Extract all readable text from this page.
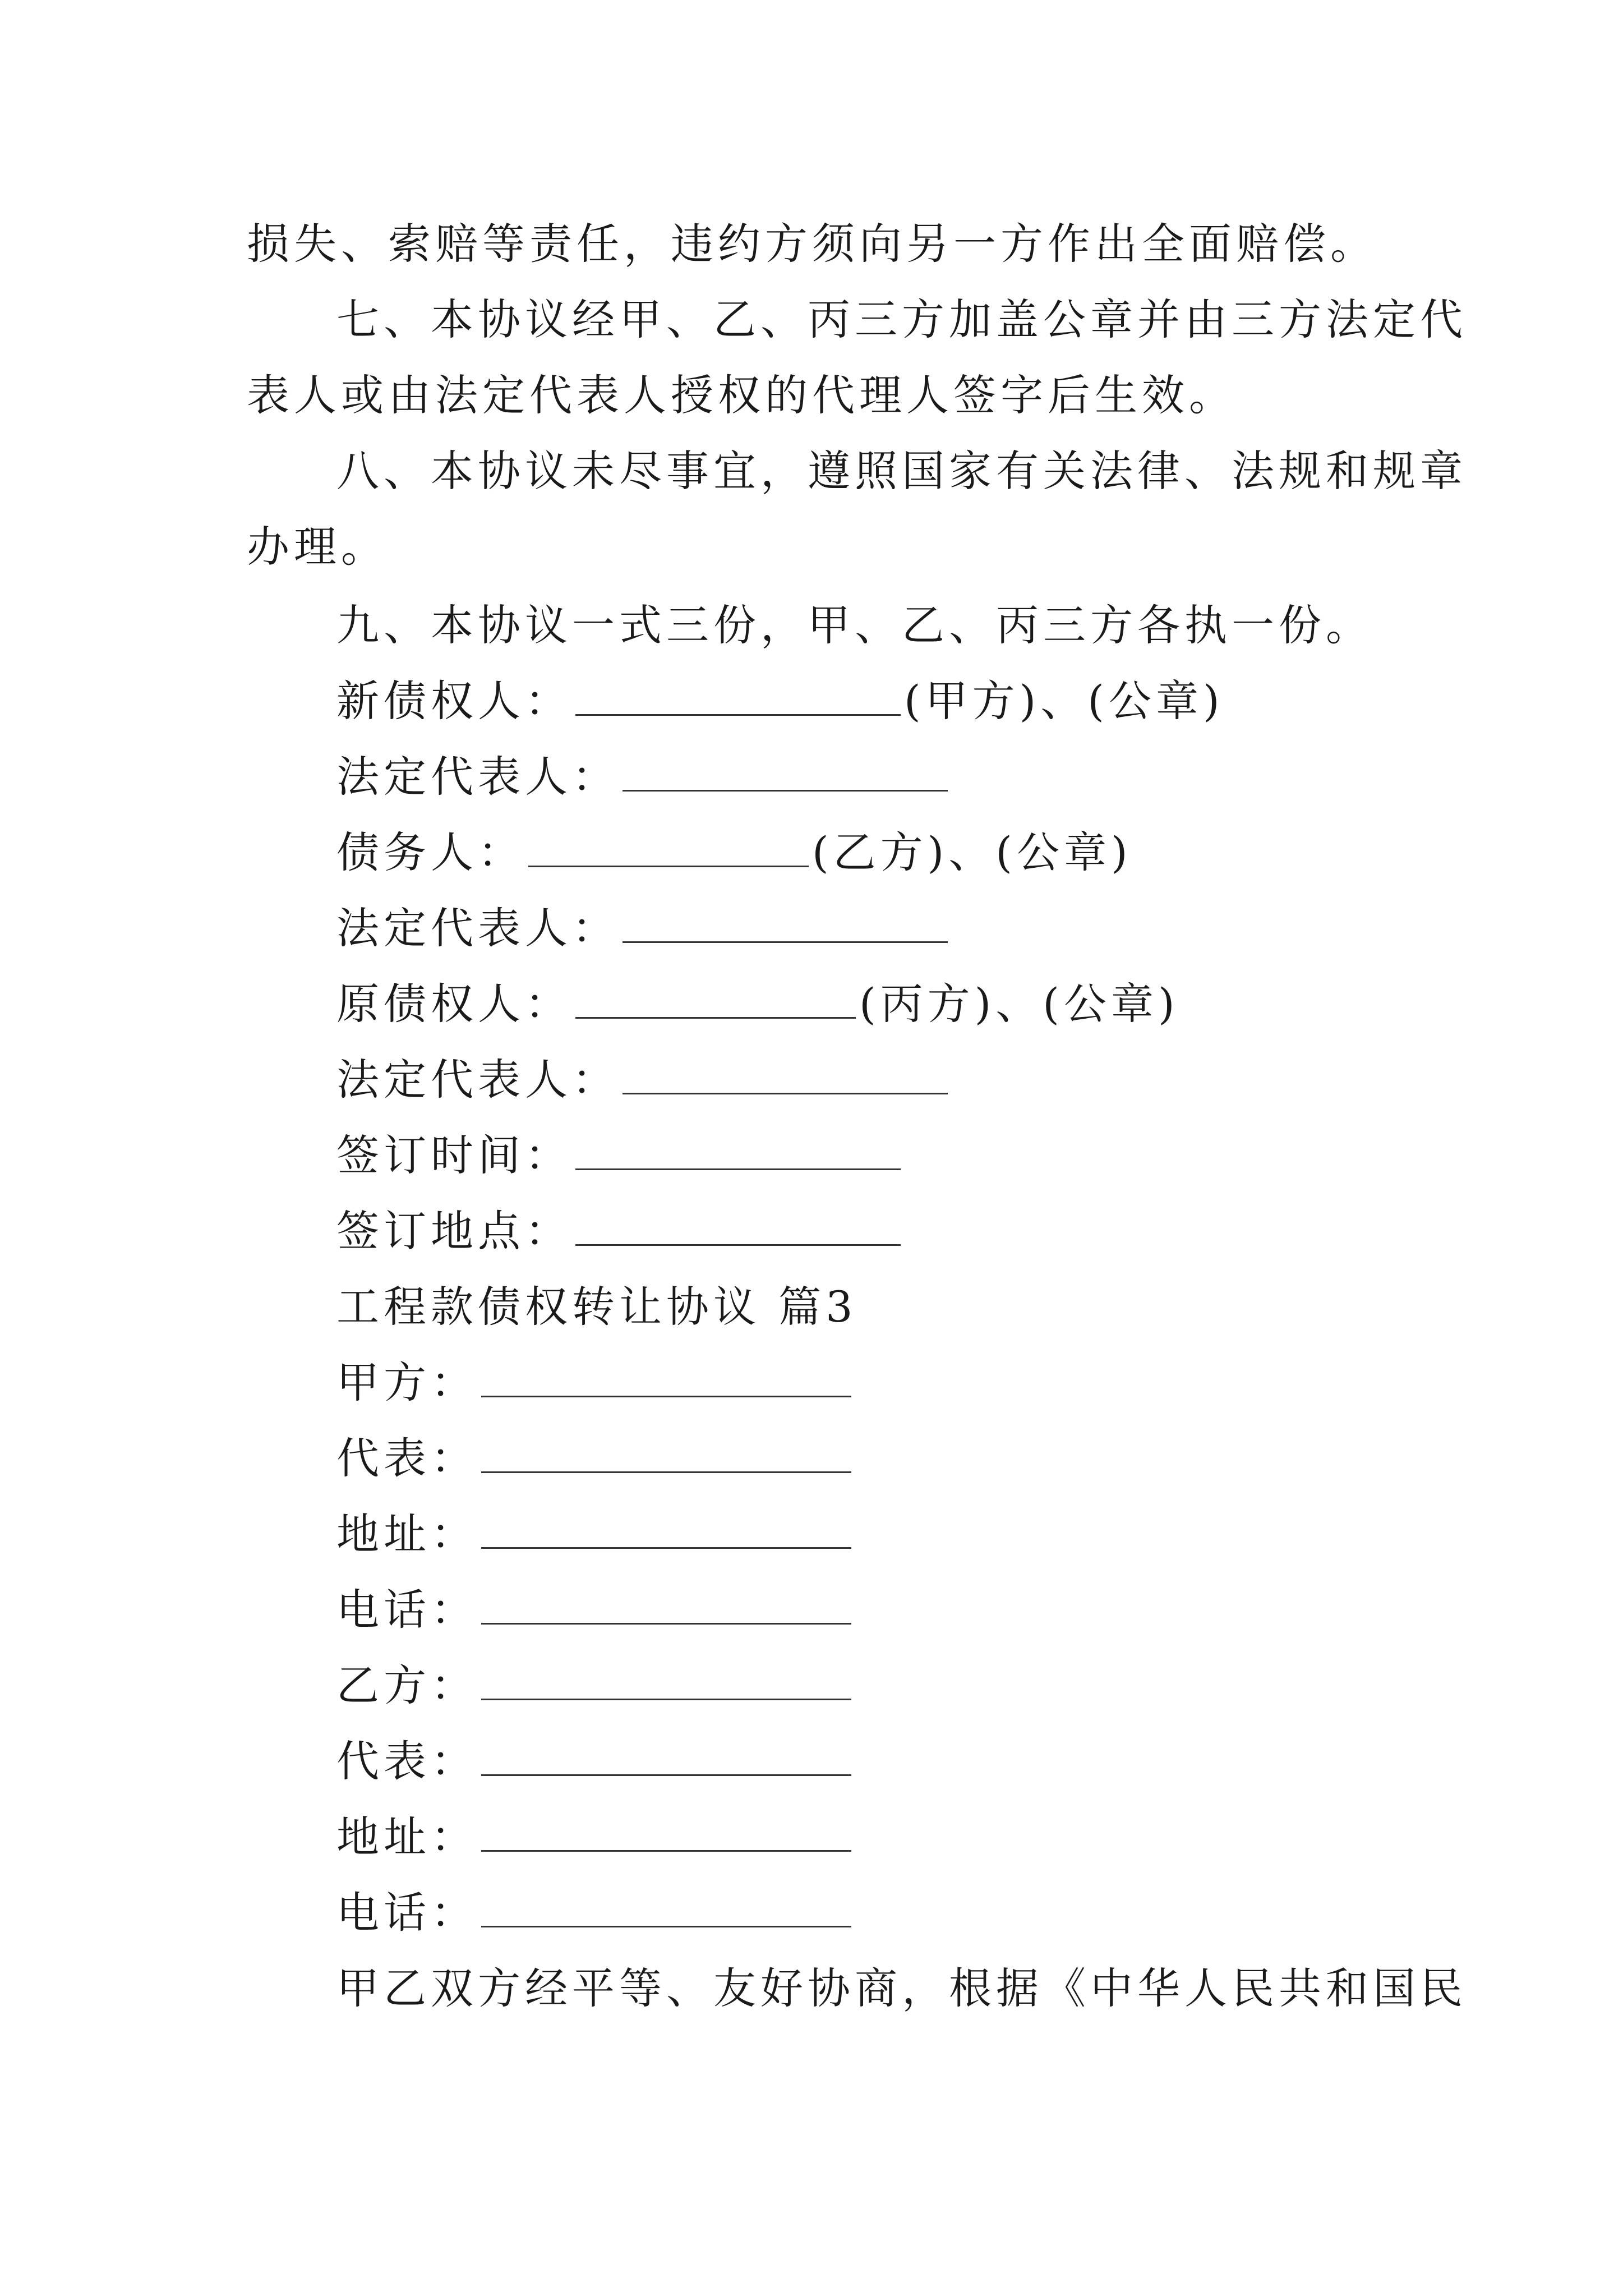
损失、索赔等责任，违约方须向另一方作出全面赔偿。
七、本协议经甲、乙、丙三方加盖公章并由三方法定代
表人或由法定代表人授权的代理人签字后生效。
八、本协议未尽事宜，遵照国家有关法律、法规和规章
办理。
九、本协议一式三份，甲、乙、丙三方各执一份。
新债权人：	(甲方)、(公章)
法定代表人：
债务人：	(乙方)、(公章)
法定代表人：
原债权人：	(丙方)、(公章)
法定代表人：
签订时间：
签订地点：
工程款债权转让协议 篇3
甲方：
代表：
地址：
电话：
乙方：
代表：
地址：
电话：
甲乙双方经平等、友好协商，根据《中华人民共和国民
